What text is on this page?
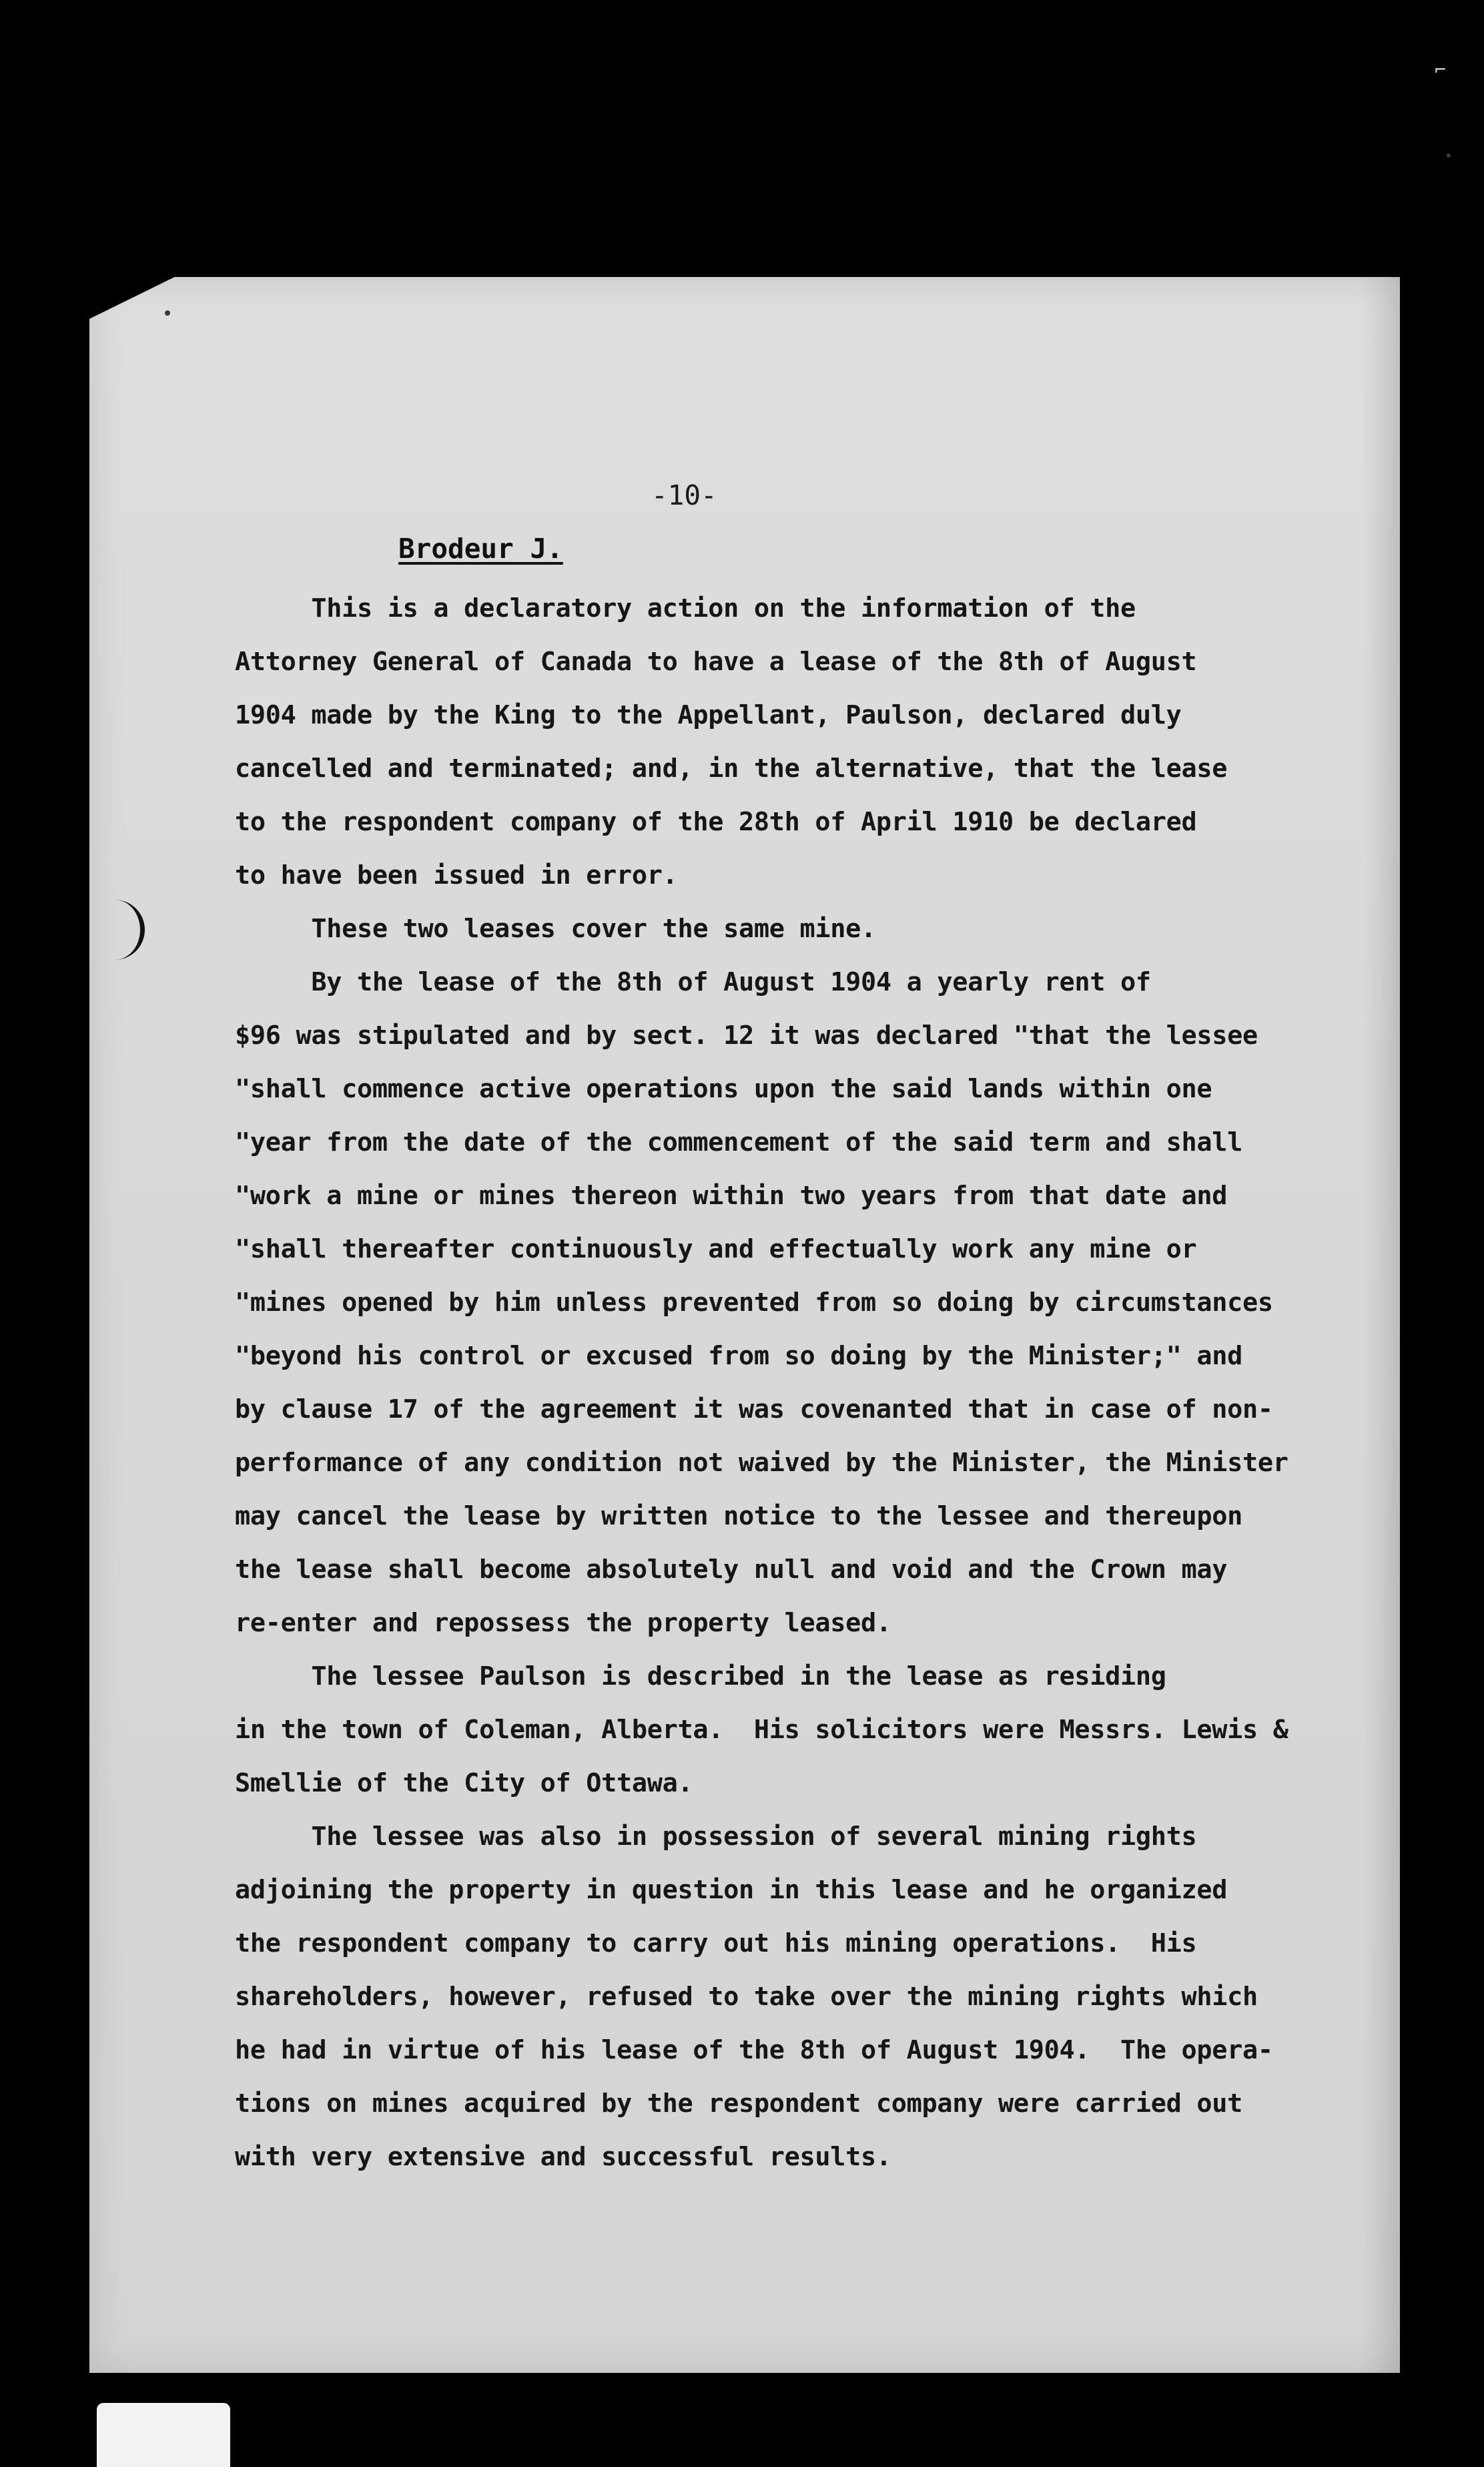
⌐
-10-
Brodeur J.
This is a declaratory action on the information of the
Attorney General of Canada to have a lease of the 8th of August
1904 made by the King to the Appellant, Paulson, declared duly
cancelled and terminated; and, in the alternative, that the lease
to the respondent company of the 28th of April 1910 be declared
to have been issued in error.
These two leases cover the same mine.
By the lease of the 8th of August 1904 a yearly rent of
$96 was stipulated and by sect. 12 it was declared "that the lessee
"shall commence active operations upon the said lands within one
"year from the date of the commencement of the said term and shall
"work a mine or mines thereon within two years from that date and
"shall thereafter continuously and effectually work any mine or
"mines opened by him unless prevented from so doing by circumstances
"beyond his control or excused from so doing by the Minister;" and
by clause 17 of the agreement it was covenanted that in case of non-
performance of any condition not waived by the Minister, the Minister
may cancel the lease by written notice to the lessee and thereupon
the lease shall become absolutely null and void and the Crown may
re-enter and repossess the property leased.
The lessee Paulson is described in the lease as residing
in the town of Coleman, Alberta.  His solicitors were Messrs. Lewis &
Smellie of the City of Ottawa.
The lessee was also in possession of several mining rights
adjoining the property in question in this lease and he organized
the respondent company to carry out his mining operations.  His
shareholders, however, refused to take over the mining rights which
he had in virtue of his lease of the 8th of August 1904.  The opera-
tions on mines acquired by the respondent company were carried out
with very extensive and successful results.
